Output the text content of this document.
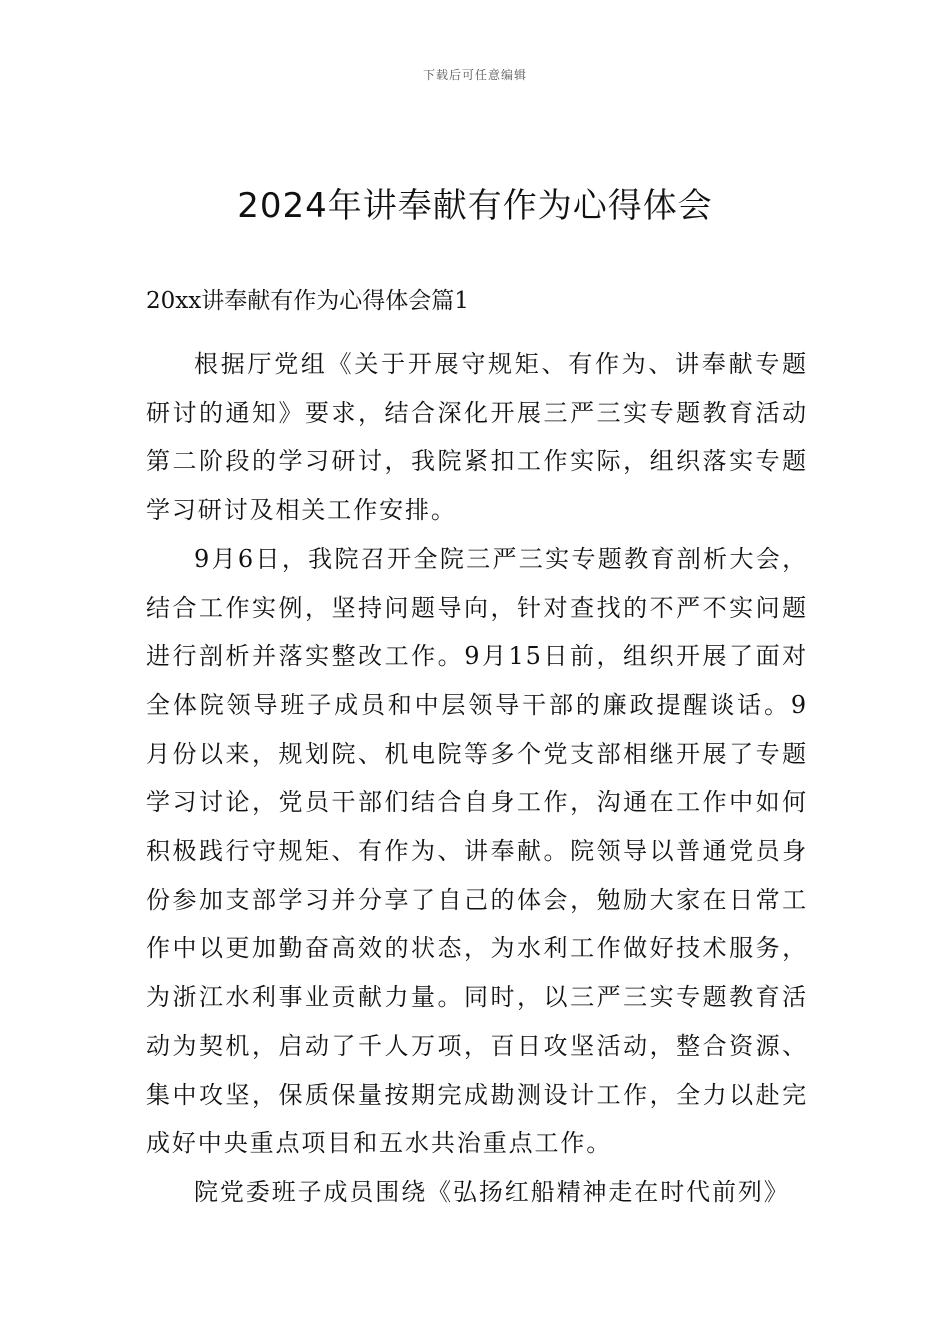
下载后可任意编辑
2024年讲奉献有作为心得体会

20xx讲奉献有作为心得体会篇1

根据厅党组《关于开展守规矩、有作为、讲奉献专题研讨的通知》要求，结合深化开展三严三实专题教育活动第二阶段的学习研讨，我院紧扣工作实际，组织落实专题学习研讨及相关工作安排。

9月6日，我院召开全院三严三实专题教育剖析大会，结合工作实例，坚持问题导向，针对查找的不严不实问题进行剖析并落实整改工作。9月15日前，组织开展了面对全体院领导班子成员和中层领导干部的廉政提醒谈话。9月份以来，规划院、机电院等多个党支部相继开展了专题学习讨论，党员干部们结合自身工作，沟通在工作中如何积极践行守规矩、有作为、讲奉献。院领导以普通党员身份参加支部学习并分享了自己的体会，勉励大家在日常工作中以更加勤奋高效的状态，为水利工作做好技术服务，为浙江水利事业贡献力量。同时，以三严三实专题教育活动为契机，启动了千人万项，百日攻坚活动，整合资源、集中攻坚，保质保量按期完成勘测设计工作，全力以赴完成好中央重点项目和五水共治重点工作。

院党委班子成员围绕《弘扬红船精神走在时代前列》
